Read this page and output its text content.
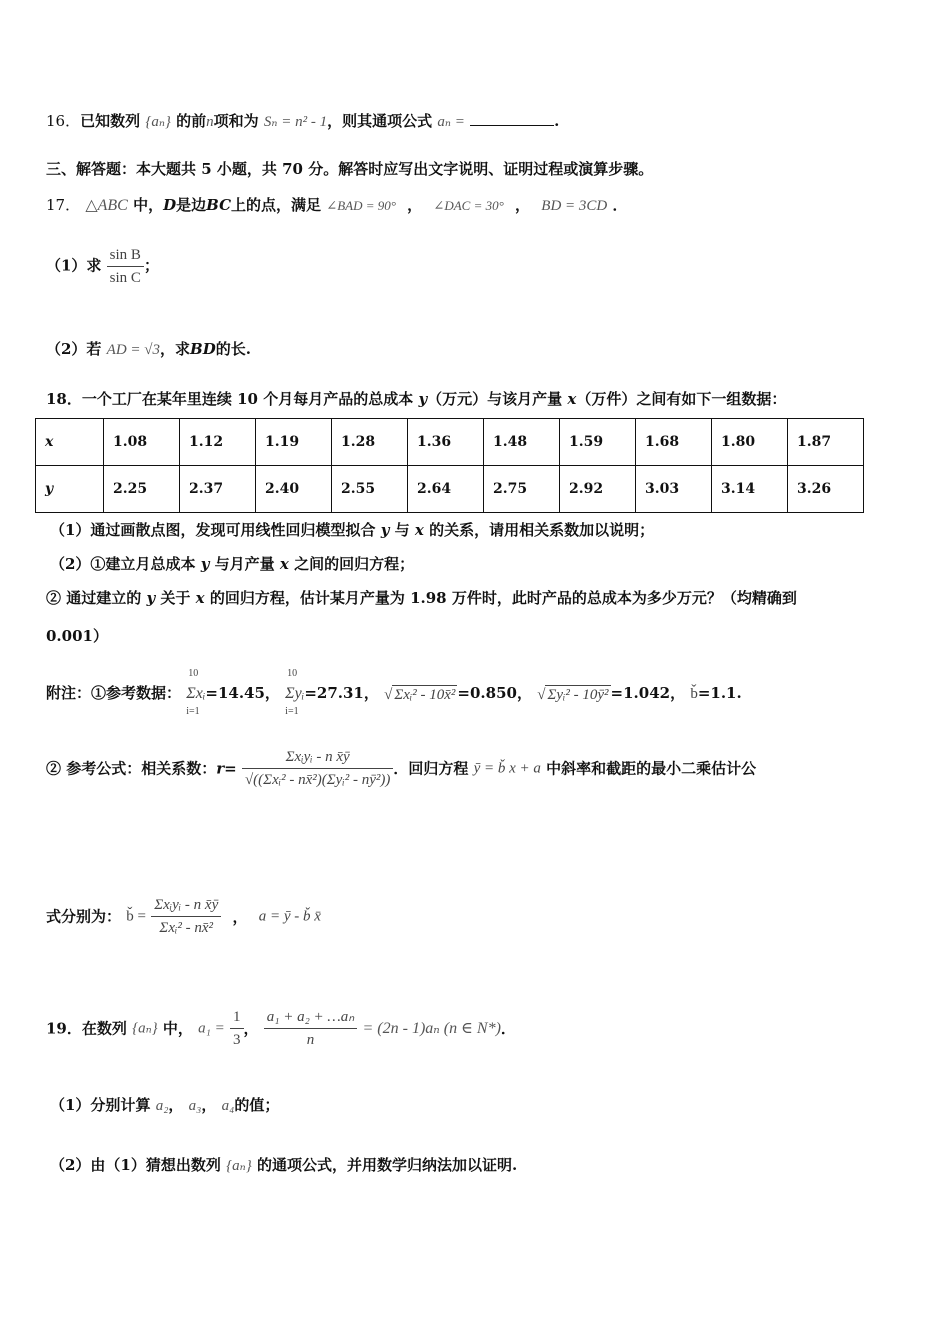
16．已知数列 {aₙ} 的前n项和为 Sₙ = n² - 1，则其通项公式 aₙ =	.
三、解答题：本大题共 5 小题，共 70 分。解答时应写出文字说明、证明过程或演算步骤。
17． △ABC 中，D是边BC上的点，满足 ∠BAD = 90° ， ∠DAC = 30° ， BD = 3CD ．
（1）求 $\frac{\text{sin B}}{\text{sin C}}$ ；
（2）若 AD = √3，求BD的长.
18．一个工厂在某年里连续 10 个月每月产品的总成本 y（万元）与该月产量 x（万件）之间有如下一组数据：
x	1.08	1.12	1.19	1.28	1.36	1.48	1.59	1.68	1.80	1.87
y	2.25	2.37	2.40	2.55	2.64	2.75	2.92	3.03	3.14	3.26
（1）通过画散点图，发现可用线性回归模型拟合 y 与 x 的关系，请用相关系数加以说明；
（2）①建立月总成本 y 与月产量 x 之间的回归方程；
② 通过建立的 y 关于 x 的回归方程，估计某月产量为 1.98 万件时，此时产品的总成本为多少万元？（均精确到
0.001）
附注：①参考数据：
10
Σxᵢ
i=1
=14.45，
10
Σyᵢ
i=1
=27.31， √ Σxᵢ² - 10x̄² =0.850， √ Σyᵢ² - 10ȳ² =1.042， b̌=1.1.
② 参考公式：相关系数：$r= \frac{\text{Σxᵢyᵢ - n x̄ȳ}}{\text{√((Σxᵢ² - nx̄²)(Σyᵢ² - nȳ²))}}$ ．回归方程 ȳ = b̌ x + a 中斜率和截距的最小二乘估计公
式分别为： b̌ = $\frac{\text{Σxᵢyᵢ - n x̄ȳ}}{\text{Σxᵢ² - nx̄²}}$ ， a = ȳ - b̌ x̄
19．在数列 {aₙ} 中， $a_1 = \frac{1}{3}$ ， $\frac{\text{a₁ + a₂ + …aₙ}}{n} = (2n - 1)a_n$ (n ∈ N*)．
（1）分别计算 a₂， a₃， a₄的值；
（2）由（1）猜想出数列 {aₙ} 的通项公式，并用数学归纳法加以证明.
